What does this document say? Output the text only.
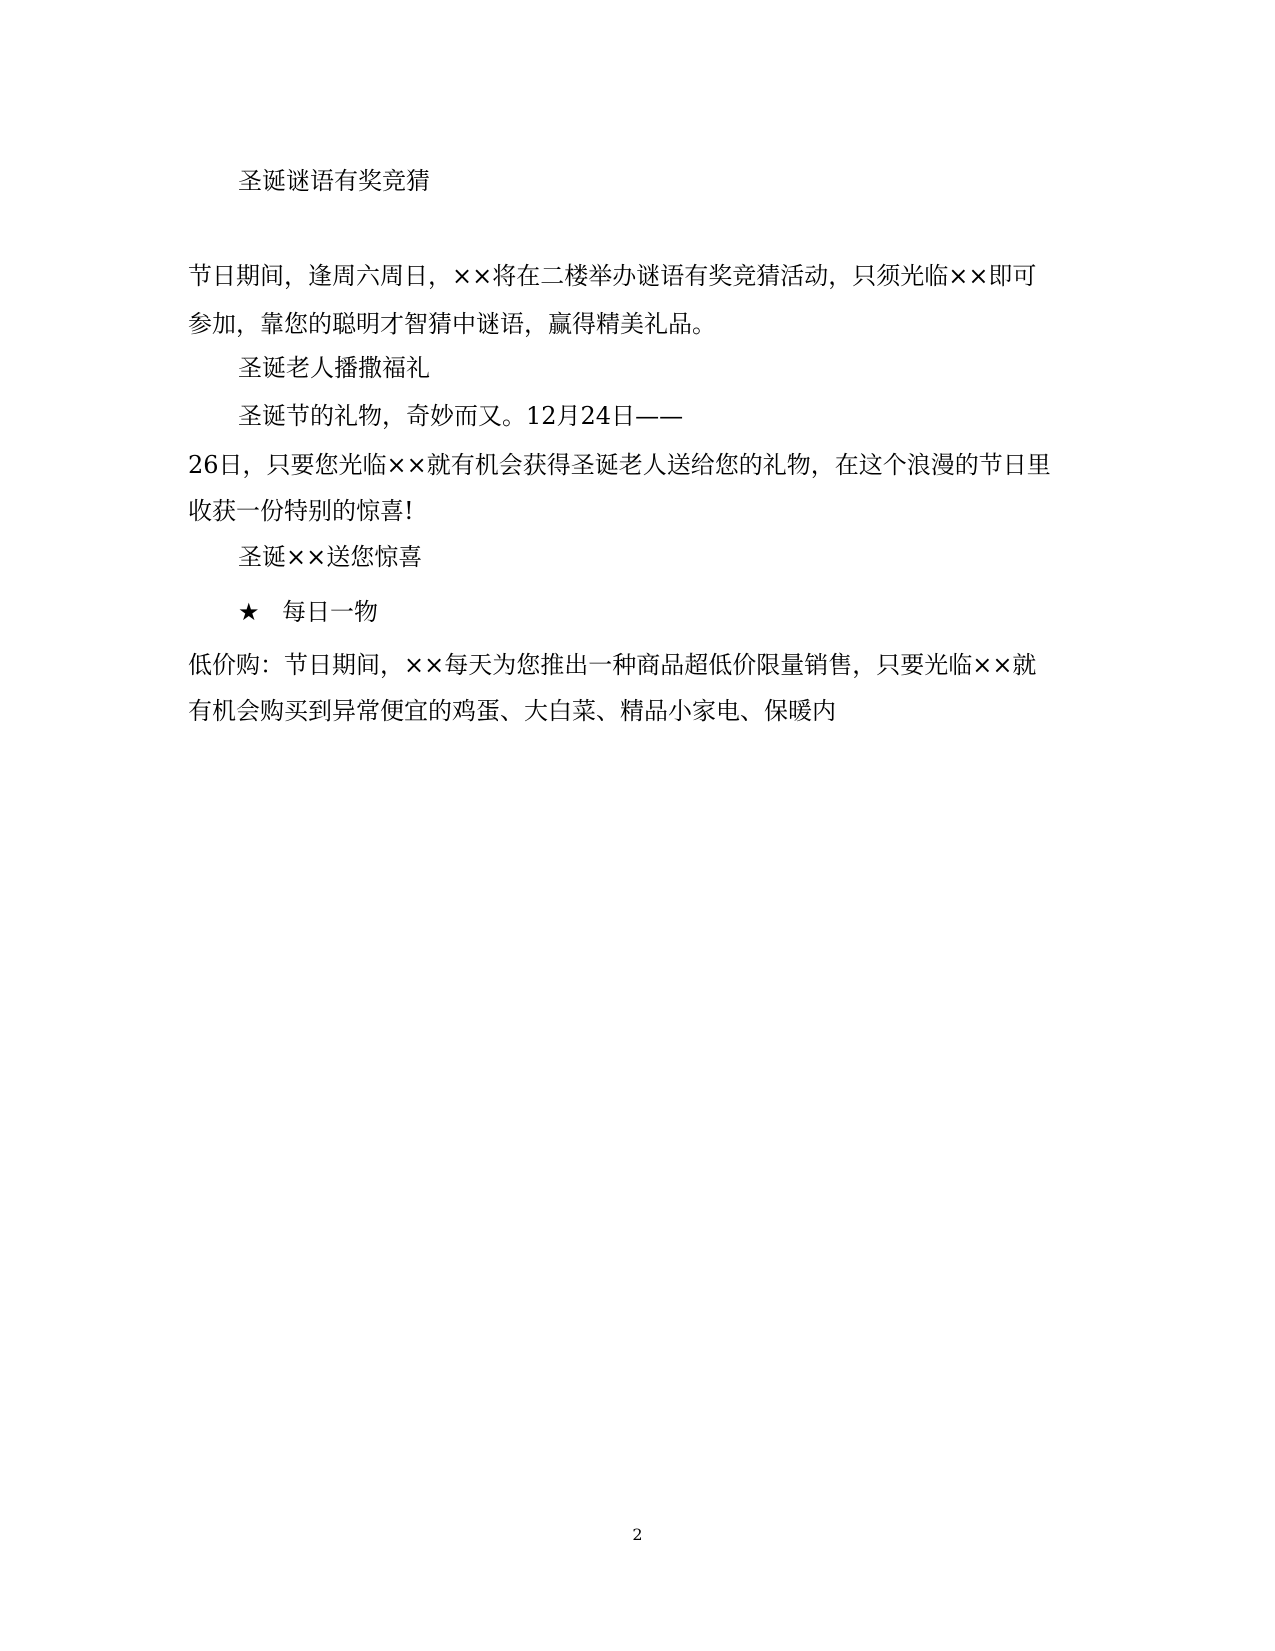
圣诞谜语有奖竞猜

节日期间，逢周六周日，××将在二楼举办谜语有奖竞猜活动，只须光临××即可

参加，靠您的聪明才智猜中谜语，赢得精美礼品。

圣诞老人播撒福礼

圣诞节的礼物，奇妙而又。12月24日——

26日，只要您光临××就有机会获得圣诞老人送给您的礼物，在这个浪漫的节日里

收获一份特别的惊喜!

圣诞××送您惊喜

★ 每日一物

低价购：节日期间，××每天为您推出一种商品超低价限量销售，只要光临××就

有机会购买到异常便宜的鸡蛋、大白菜、精品小家电、保暖内

2
